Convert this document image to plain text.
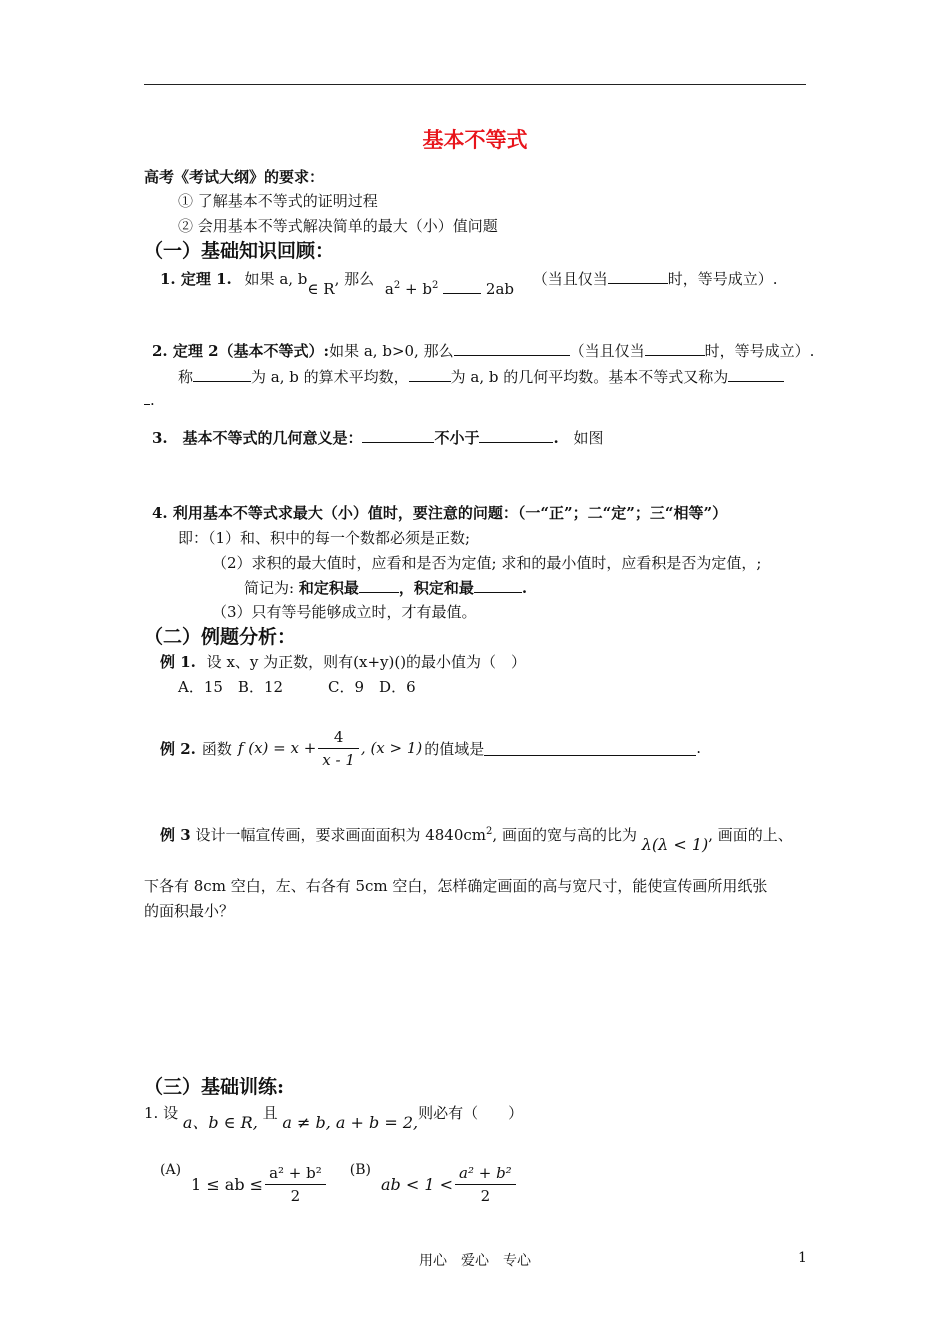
基本不等式
高考《考试大纲》的要求：
① 了解基本不等式的证明过程
② 会用基本不等式解决简单的最大（小）值问题
（一）基础知识回顾：
1. 定理 1. 如果 a, b∈ R, 那么 $a^2 + b^2$	2ab （当且仅当	时，等号成立）.
2. 定理 2（基本不等式）:如果 a, b>0, 那么	（当且仅当	时，等号成立）.
称	为 a, b 的算术平均数，	为 a, b 的几何平均数。基本不等式又称为
.
3. 基本不等式的几何意义是：	不小于	. 如图
4. 利用基本不等式求最大（小）值时，要注意的问题：（一“正”；二“定”；三“相等”）
即：（1）和、积中的每一个数都必须是正数;
（2）求积的最大值时，应看和是否为定值; 求和的最小值时，应看积是否为定值，;
简记为: 和定积最	，积定和最	.
（3）只有等号能够成立时，才有最值。
（二）例题分析：
例 1. 设 x、y 为正数，则有(x+y)()的最小值为（　）
A．15　B．12　　　C．9　D．6
例 2. 函数 f $(x) = x + \frac{4}{x - 1}$ , (x > 1) 的值域是	.
例 3 设计一幅宣传画，要求画面面积为 $4840cm^2$, 画面的宽与高的比为 λ(λ < 1), 画面的上、
下各有 8cm 空白，左、右各有 5cm 空白，怎样确定画面的高与宽尺寸，能使宣传画所用纸张
的面积最小？
（三）基础训练:
1. 设 a、b ∈ R, 且 a ≠ b, a + b = 2,则必有（　　）
(A)
1 ≤ ab ≤ $\frac{\text{a² + b²}}{2} (B)$
ab < $1 < \frac{\text{a² + b²}}{2}$
用心　爱心　专心	1
